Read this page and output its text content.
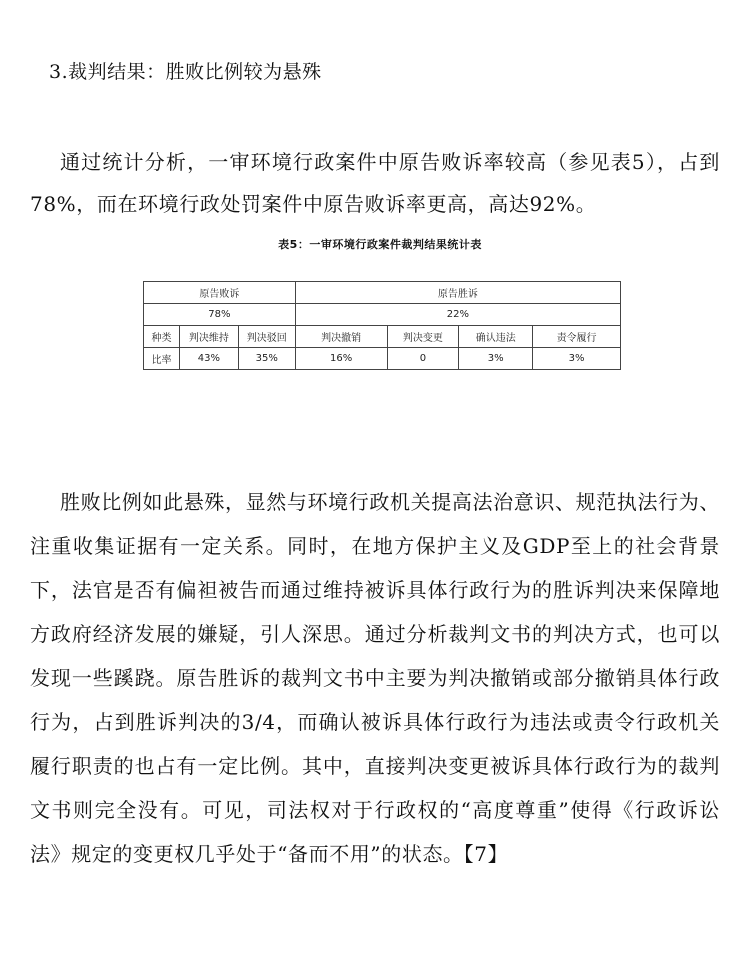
3.裁判结果：胜败比例较为悬殊

通过统计分析，一审环境行政案件中原告败诉率较高（参见表5），占到78%，而在环境行政处罚案件中原告败诉率更高，高达92%。

表5：一审环境行政案件裁判结果统计表
原告败诉			原告胜诉			
78%			22%			
种类	判决维持	判决驳回	判决撤销	判决变更	确认违法	责令履行
比率	43%	35%	16%	0	3%	3%

胜败比例如此悬殊，显然与环境行政机关提高法治意识、规范执法行为、注重收集证据有一定关系。同时，在地方保护主义及GDP至上的社会背景下，法官是否有偏袒被告而通过维持被诉具体行政行为的胜诉判决来保障地方政府经济发展的嫌疑，引人深思。通过分析裁判文书的判决方式，也可以发现一些蹊跷。原告胜诉的裁判文书中主要为判决撤销或部分撤销具体行政行为，占到胜诉判决的3/4，而确认被诉具体行政行为违法或责令行政机关履行职责的也占有一定比例。其中，直接判决变更被诉具体行政行为的裁判文书则完全没有。可见，司法权对于行政权的“高度尊重”使得《行政诉讼法》规定的变更权几乎处于“备而不用”的状态。【7】
